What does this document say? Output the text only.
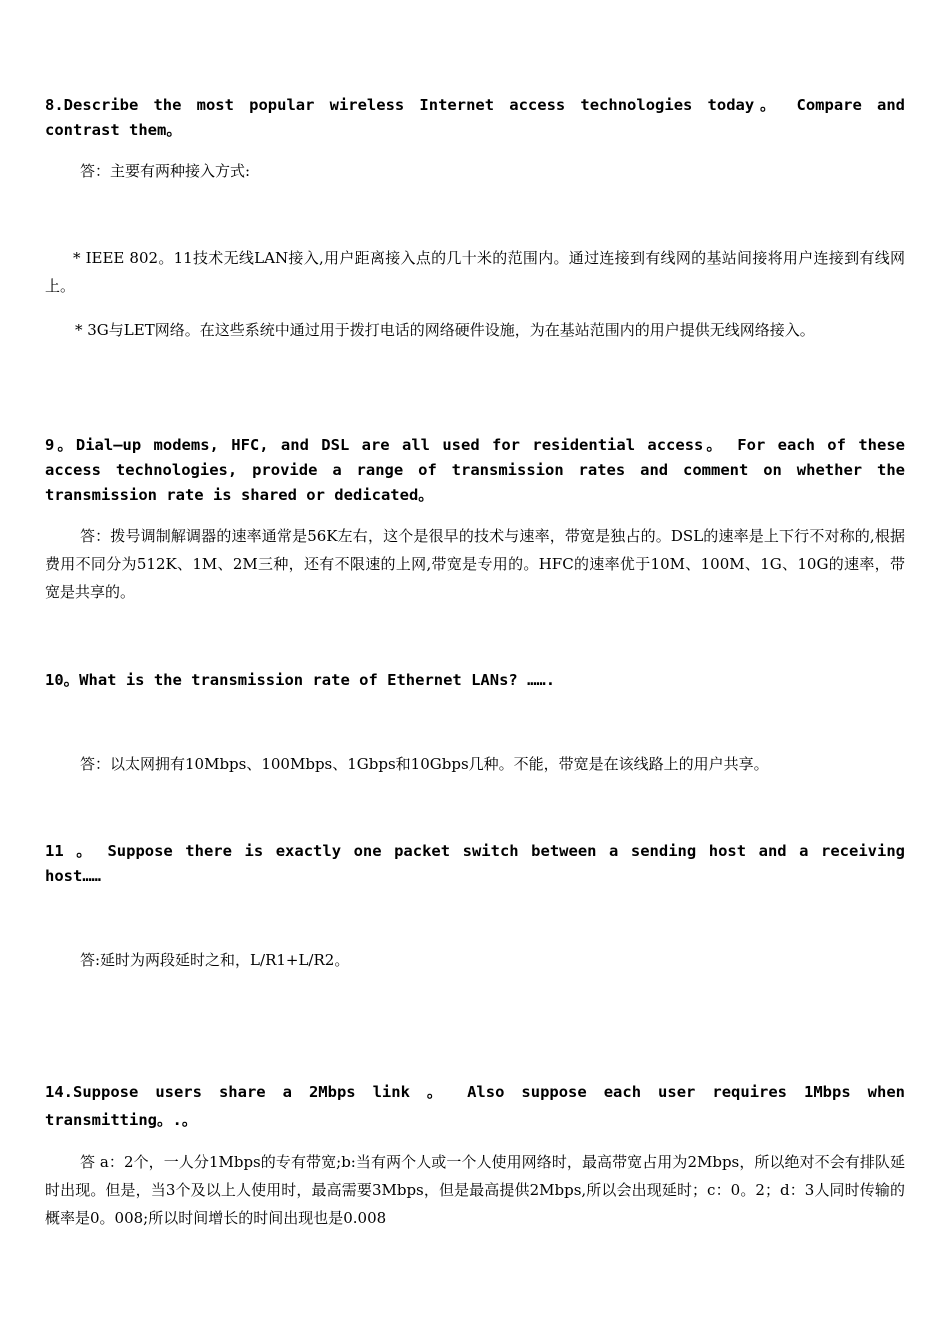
8.Describe the most popular wireless Internet access technologies today。 Compare and contrast them。

答：主要有两种接入方式:

* IEEE 802。11技术无线LAN接入,用户距离接入点的几十米的范围内。通过连接到有线网的基站间接将用户连接到有线网上。

* 3G与LET网络。在这些系统中通过用于拨打电话的网络硬件设施，为在基站范围内的用户提供无线网络接入。

9。Dial—up modems, HFC, and DSL are all used for residential access。 For each of these access technologies, provide a range of transmission rates and comment on whether the transmission rate is shared or dedicated。

答：拨号调制解调器的速率通常是56K左右，这个是很早的技术与速率，带宽是独占的。DSL的速率是上下行不对称的,根据费用不同分为512K、1M、2M三种，还有不限速的上网,带宽是专用的。HFC的速率优于10M、100M、1G、10G的速率，带宽是共享的。

10。What is the transmission rate of Ethernet LANs? …….

答：以太网拥有10Mbps、100Mbps、1Gbps和10Gbps几种。不能，带宽是在该线路上的用户共享。

11 。 Suppose there is exactly one packet switch between a sending host and a receiving host……

答:延时为两段延时之和，L/R1+L/R2。

14.Suppose users share a 2Mbps link 。 Also suppose each user requires 1Mbps when transmitting。.。

答 a：2个，一人分1Mbps的专有带宽;b:当有两个人或一个人使用网络时，最高带宽占用为2Mbps，所以绝对不会有排队延时出现。但是，当3个及以上人使用时，最高需要3Mbps，但是最高提供2Mbps,所以会出现延时；c：0。2；d：3人同时传输的概率是0。008;所以时间增长的时间出现也是0.008
